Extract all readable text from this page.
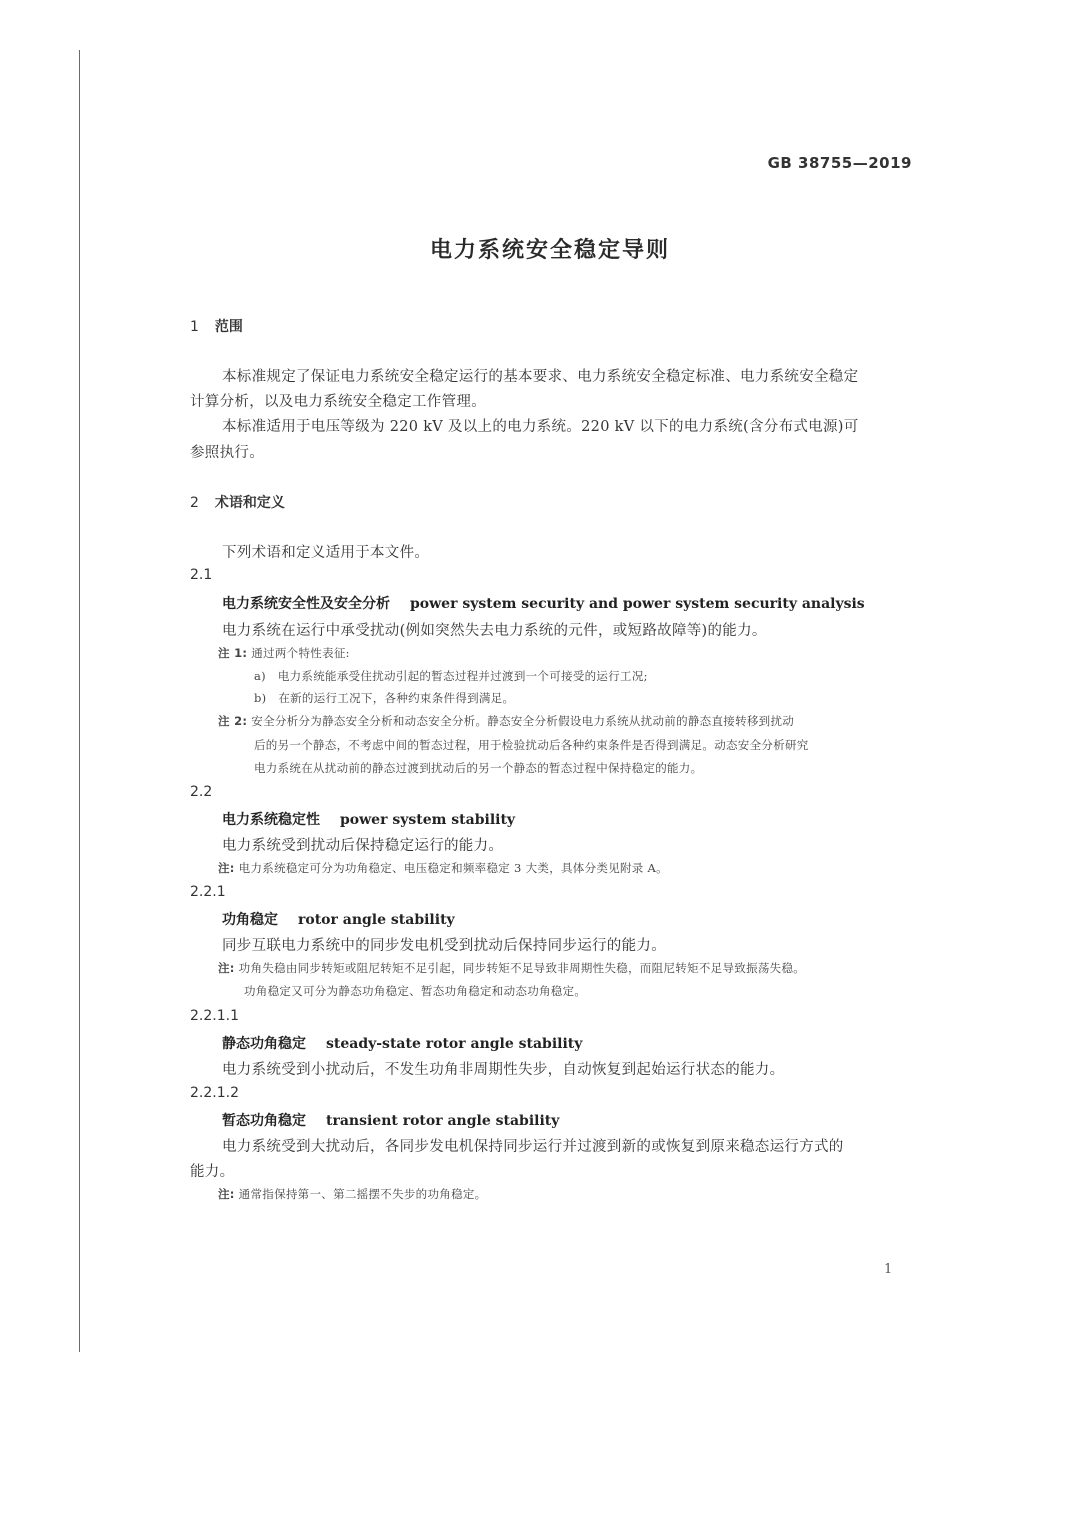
GB 38755—2019
电力系统安全稳定导则
1 范围
本标准规定了保证电力系统安全稳定运行的基本要求、电力系统安全稳定标准、电力系统安全稳定
计算分析，以及电力系统安全稳定工作管理。
本标准适用于电压等级为 220 kV 及以上的电力系统。220 kV 以下的电力系统(含分布式电源)可
参照执行。
2 术语和定义
下列术语和定义适用于本文件。
2.1
电力系统安全性及安全分析 power system security and power system security analysis
电力系统在运行中承受扰动(例如突然失去电力系统的元件，或短路故障等)的能力。
注 1: 通过两个特性表征:
a) 电力系统能承受住扰动引起的暂态过程并过渡到一个可接受的运行工况;
b) 在新的运行工况下，各种约束条件得到满足。
注 2: 安全分析分为静态安全分析和动态安全分析。静态安全分析假设电力系统从扰动前的静态直接转移到扰动
后的另一个静态，不考虑中间的暂态过程，用于检验扰动后各种约束条件是否得到满足。动态安全分析研究
电力系统在从扰动前的静态过渡到扰动后的另一个静态的暂态过程中保持稳定的能力。
2.2
电力系统稳定性 power system stability
电力系统受到扰动后保持稳定运行的能力。
注: 电力系统稳定可分为功角稳定、电压稳定和频率稳定 3 大类，具体分类见附录 A。
2.2.1
功角稳定 rotor angle stability
同步互联电力系统中的同步发电机受到扰动后保持同步运行的能力。
注: 功角失稳由同步转矩或阻尼转矩不足引起，同步转矩不足导致非周期性失稳，而阻尼转矩不足导致振荡失稳。
功角稳定又可分为静态功角稳定、暂态功角稳定和动态功角稳定。
2.2.1.1
静态功角稳定 steady-state rotor angle stability
电力系统受到小扰动后，不发生功角非周期性失步，自动恢复到起始运行状态的能力。
2.2.1.2
暂态功角稳定 transient rotor angle stability
电力系统受到大扰动后，各同步发电机保持同步运行并过渡到新的或恢复到原来稳态运行方式的
能力。
注: 通常指保持第一、第二摇摆不失步的功角稳定。
1
